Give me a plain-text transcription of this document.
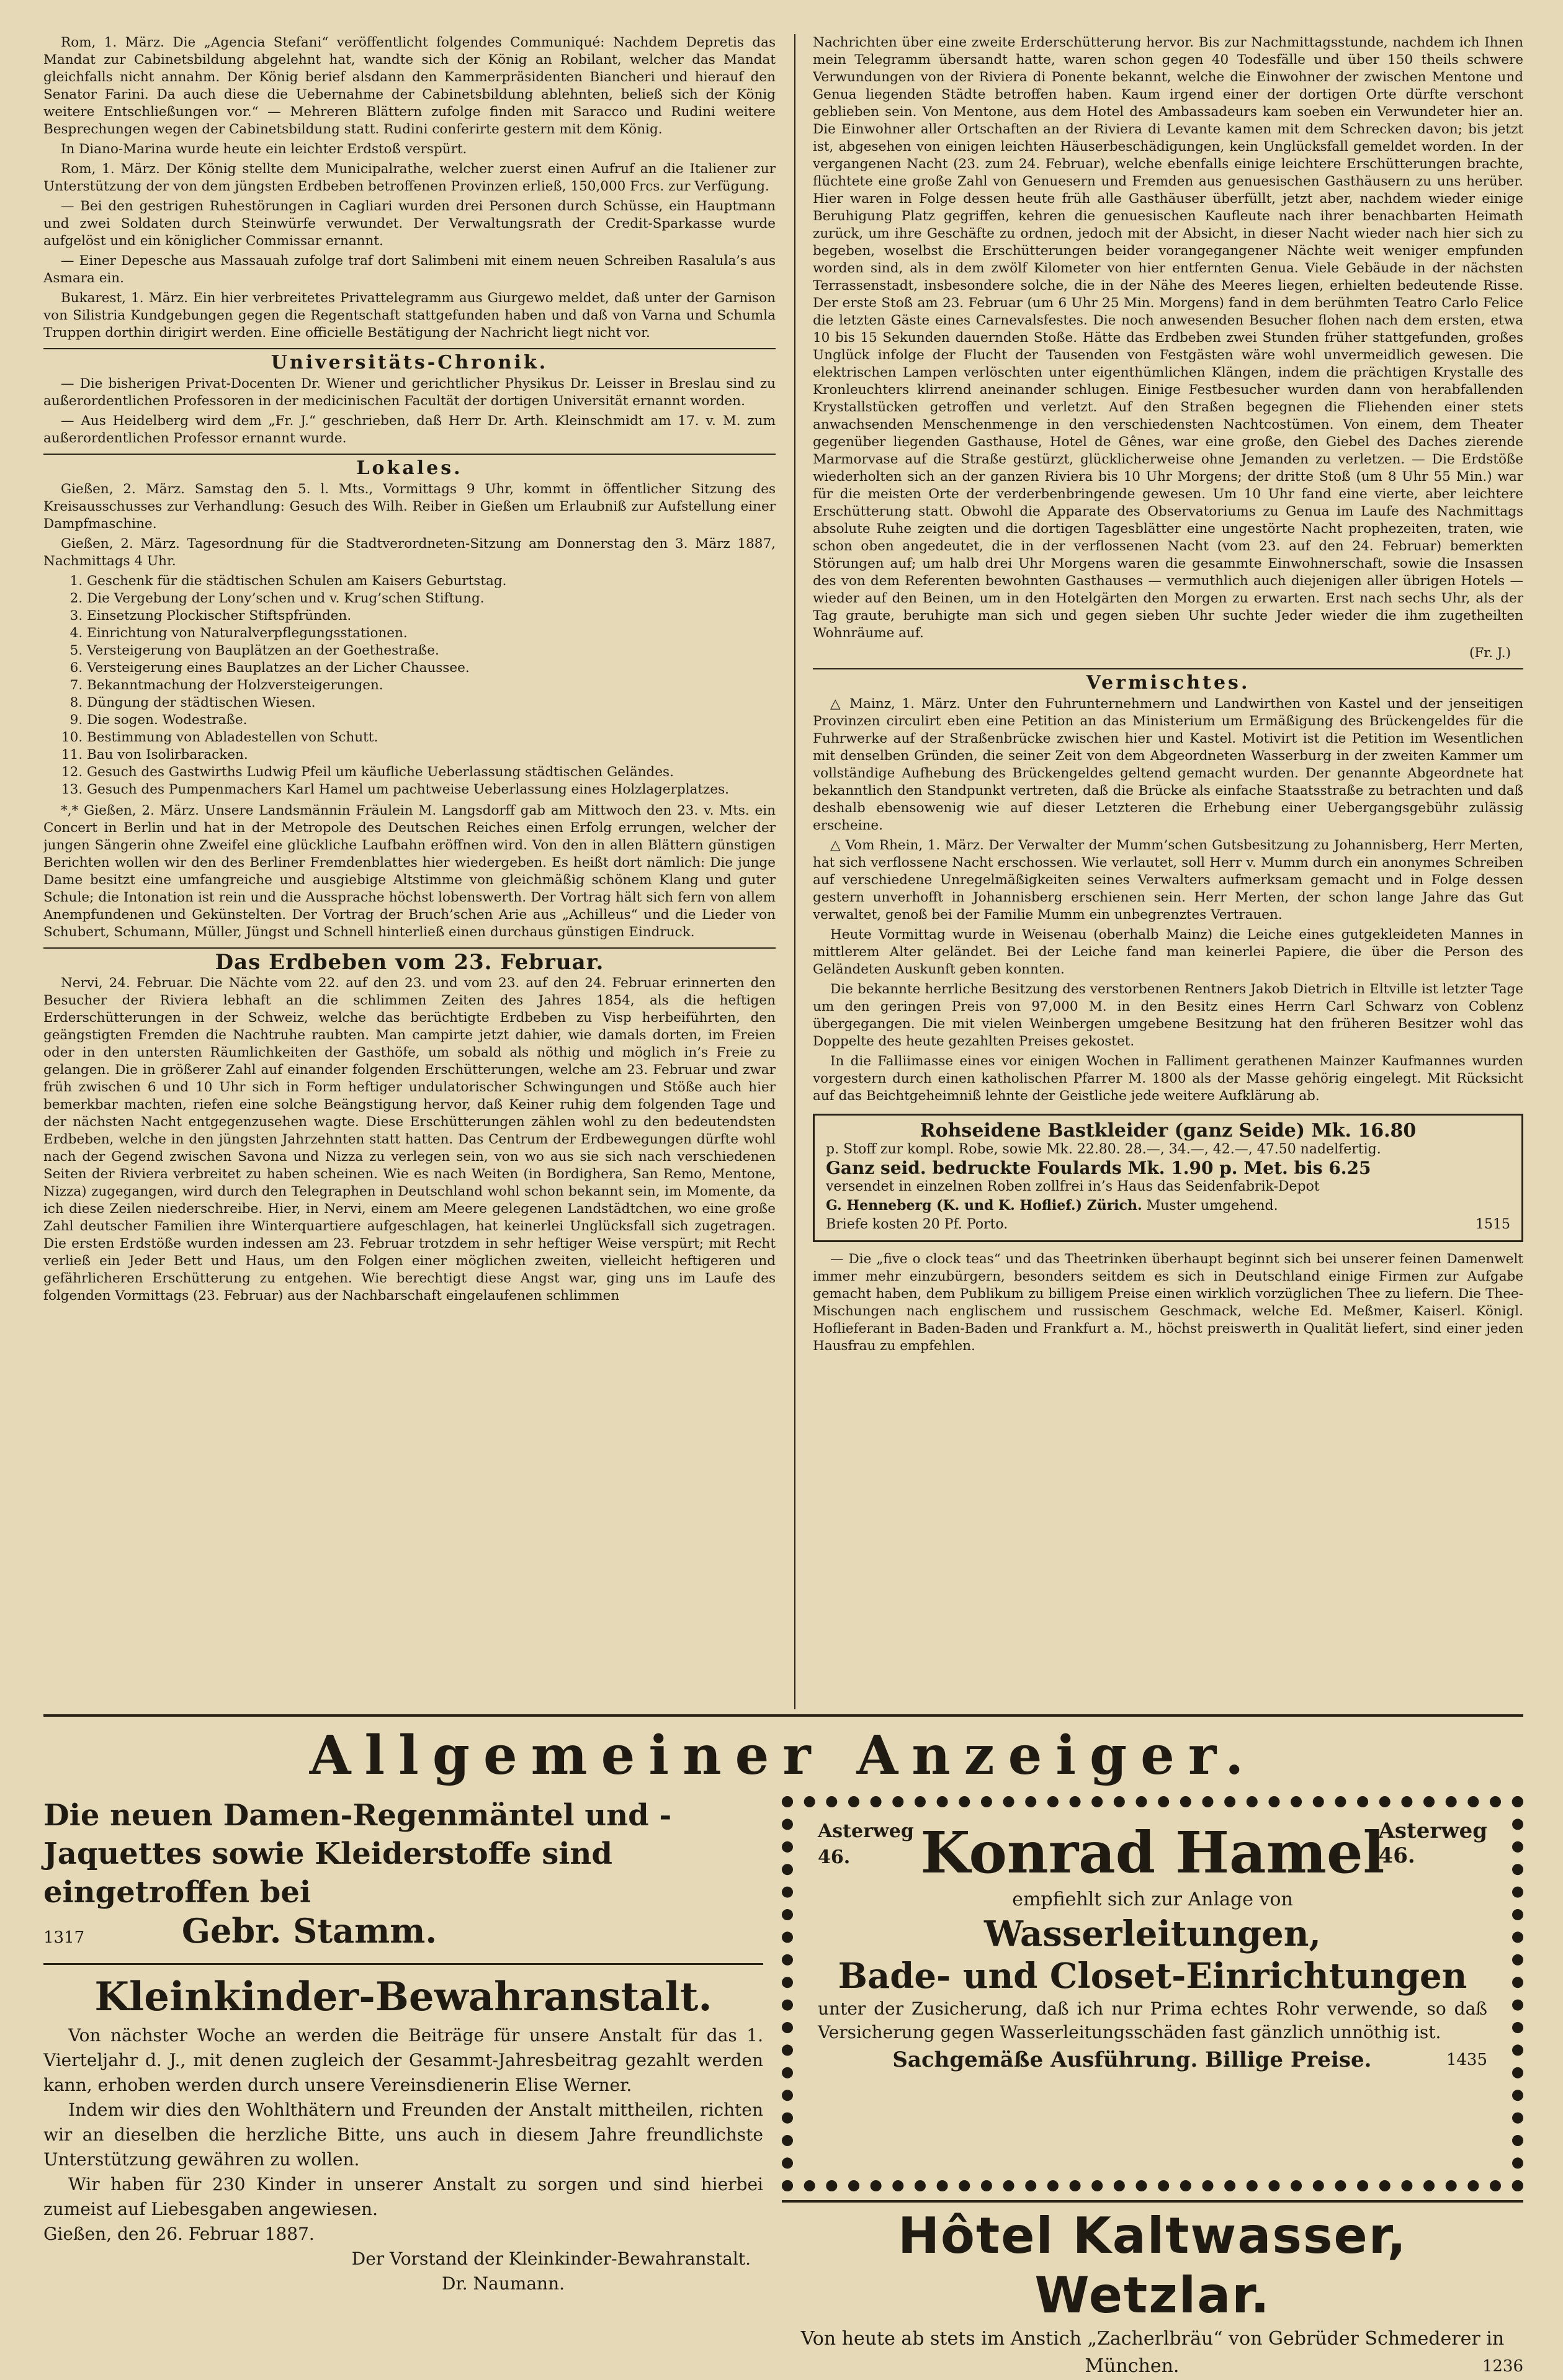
Rom, 1. März. Die „Agencia Stefani“ veröffentlicht folgendes Communiqué: Nachdem Depretis das Mandat zur Cabinetsbildung abgelehnt hat, wandte sich der König an Robilant, welcher das Mandat gleichfalls nicht annahm. Der König berief alsdann den Kammerpräsidenten Biancheri und hierauf den Senator Farini. Da auch diese die Uebernahme der Cabinetsbildung ablehnten, beließ sich der König weitere Entschließungen vor.“ — Mehreren Blättern zufolge finden mit Saracco und Rudini weitere Besprechungen wegen der Cabinetsbildung statt. Rudini conferirte gestern mit dem König.

In Diano-Marina wurde heute ein leichter Erdstoß verspürt.

Rom, 1. März. Der König stellte dem Municipalrathe, welcher zuerst einen Aufruf an die Italiener zur Unterstützung der von dem jüngsten Erdbeben betroffenen Provinzen erließ, 150,000 Frcs. zur Verfügung.

— Bei den gestrigen Ruhestörungen in Cagliari wurden drei Personen durch Schüsse, ein Hauptmann und zwei Soldaten durch Steinwürfe verwundet. Der Verwaltungsrath der Credit-Sparkasse wurde aufgelöst und ein königlicher Commissar ernannt.

— Einer Depesche aus Massauah zufolge traf dort Salimbeni mit einem neuen Schreiben Rasalula’s aus Asmara ein.

Bukarest, 1. März. Ein hier verbreitetes Privattelegramm aus Giurgewo meldet, daß unter der Garnison von Silistria Kundgebungen gegen die Regentschaft stattgefunden haben und daß von Varna und Schumla Truppen dorthin dirigirt werden. Eine officielle Bestätigung der Nachricht liegt nicht vor.

Universitäts-Chronik.

— Die bisherigen Privat-Docenten Dr. Wiener und gerichtlicher Physikus Dr. Leisser in Breslau sind zu außerordentlichen Professoren in der medicinischen Facultät der dortigen Universität ernannt worden.

— Aus Heidelberg wird dem „Fr. J.“ geschrieben, daß Herr Dr. Arth. Kleinschmidt am 17. v. M. zum außerordentlichen Professor ernannt wurde.

Lokales.

Gießen, 2. März. Samstag den 5. l. Mts., Vormittags 9 Uhr, kommt in öffentlicher Sitzung des Kreisausschusses zur Verhandlung: Gesuch des Wilh. Reiber in Gießen um Erlaubniß zur Aufstellung einer Dampfmaschine.

Gießen, 2. März. Tagesordnung für die Stadtverordneten-Sitzung am Donnerstag den 3. März 1887, Nachmittags 4 Uhr.

1. Geschenk für die städtischen Schulen am Kaisers Geburtstag.
2. Die Vergebung der Lony’schen und v. Krug’schen Stiftung.
3. Einsetzung Plockischer Stiftspfründen.
4. Einrichtung von Naturalverpflegungsstationen.
5. Versteigerung von Bauplätzen an der Goethestraße.
6. Versteigerung eines Bauplatzes an der Licher Chaussee.
7. Bekanntmachung der Holzversteigerungen.
8. Düngung der städtischen Wiesen.
9. Die sogen. Wodestraße.
10. Bestimmung von Abladestellen von Schutt.
11. Bau von Isolirbaracken.
12. Gesuch des Gastwirths Ludwig Pfeil um käufliche Ueberlassung städtischen Geländes.
13. Gesuch des Pumpenmachers Karl Hamel um pachtweise Ueberlassung eines Holzlagerplatzes.

*,* Gießen, 2. März. Unsere Landsmännin Fräulein M. Langsdorff gab am Mittwoch den 23. v. Mts. ein Concert in Berlin und hat in der Metropole des Deutschen Reiches einen Erfolg errungen, welcher der jungen Sängerin ohne Zweifel eine glückliche Laufbahn eröffnen wird. Von den in allen Blättern günstigen Berichten wollen wir den des Berliner Fremdenblattes hier wiedergeben. Es heißt dort nämlich: Die junge Dame besitzt eine umfangreiche und ausgiebige Altstimme von gleichmäßig schönem Klang und guter Schule; die Intonation ist rein und die Aussprache höchst lobenswerth. Der Vortrag hält sich fern von allem Anempfundenen und Gekünstelten. Der Vortrag der Bruch’schen Arie aus „Achilleus“ und die Lieder von Schubert, Schumann, Müller, Jüngst und Schnell hinterließ einen durchaus günstigen Eindruck.

Das Erdbeben vom 23. Februar.

Nervi, 24. Februar. Die Nächte vom 22. auf den 23. und vom 23. auf den 24. Februar erinnerten den Besucher der Riviera lebhaft an die schlimmen Zeiten des Jahres 1854, als die heftigen Erderschütterungen in der Schweiz, welche das berüchtigte Erdbeben zu Visp herbeiführten, den geängstigten Fremden die Nachtruhe raubten. Man campirte jetzt dahier, wie damals dorten, im Freien oder in den untersten Räumlichkeiten der Gasthöfe, um sobald als nöthig und möglich in’s Freie zu gelangen. Die in größerer Zahl auf einander folgenden Erschütterungen, welche am 23. Februar und zwar früh zwischen 6 und 10 Uhr sich in Form heftiger undulatorischer Schwingungen und Stöße auch hier bemerkbar machten, riefen eine solche Beängstigung hervor, daß Keiner ruhig dem folgenden Tage und der nächsten Nacht entgegenzusehen wagte. Diese Erschütterungen zählen wohl zu den bedeutendsten Erdbeben, welche in den jüngsten Jahrzehnten statt hatten. Das Centrum der Erdbewegungen dürfte wohl nach der Gegend zwischen Savona und Nizza zu verlegen sein, von wo aus sie sich nach verschiedenen Seiten der Riviera verbreitet zu haben scheinen. Wie es nach Weiten (in Bordighera, San Remo, Mentone, Nizza) zugegangen, wird durch den Telegraphen in Deutschland wohl schon bekannt sein, im Momente, da ich diese Zeilen niederschreibe. Hier, in Nervi, einem am Meere gelegenen Landstädtchen, wo eine große Zahl deutscher Familien ihre Winterquartiere aufgeschlagen, hat keinerlei Unglücksfall sich zugetragen. Die ersten Erdstöße wurden indessen am 23. Februar trotzdem in sehr heftiger Weise verspürt; mit Recht verließ ein Jeder Bett und Haus, um den Folgen einer möglichen zweiten, vielleicht heftigeren und gefährlicheren Erschütterung zu entgehen. Wie berechtigt diese Angst war, ging uns im Laufe des folgenden Vormittags (23. Februar) aus der Nachbarschaft eingelaufenen schlimmen

Nachrichten über eine zweite Erderschütterung hervor. Bis zur Nachmittagsstunde, nachdem ich Ihnen mein Telegramm übersandt hatte, waren schon gegen 40 Todesfälle und über 150 theils schwere Verwundungen von der Riviera di Ponente bekannt, welche die Einwohner der zwischen Mentone und Genua liegenden Städte betroffen haben. Kaum irgend einer der dortigen Orte dürfte verschont geblieben sein. Von Mentone, aus dem Hotel des Ambassadeurs kam soeben ein Verwundeter hier an. Die Einwohner aller Ortschaften an der Riviera di Levante kamen mit dem Schrecken davon; bis jetzt ist, abgesehen von einigen leichten Häuserbeschädigungen, kein Unglücksfall gemeldet worden. In der vergangenen Nacht (23. zum 24. Februar), welche ebenfalls einige leichtere Erschütterungen brachte, flüchtete eine große Zahl von Genuesern und Fremden aus genuesischen Gasthäusern zu uns herüber. Hier waren in Folge dessen heute früh alle Gasthäuser überfüllt, jetzt aber, nachdem wieder einige Beruhigung Platz gegriffen, kehren die genuesischen Kaufleute nach ihrer benachbarten Heimath zurück, um ihre Geschäfte zu ordnen, jedoch mit der Absicht, in dieser Nacht wieder nach hier sich zu begeben, woselbst die Erschütterungen beider vorangegangener Nächte weit weniger empfunden worden sind, als in dem zwölf Kilometer von hier entfernten Genua. Viele Gebäude in der nächsten Terrassenstadt, insbesondere solche, die in der Nähe des Meeres liegen, erhielten bedeutende Risse. Der erste Stoß am 23. Februar (um 6 Uhr 25 Min. Morgens) fand in dem berühmten Teatro Carlo Felice die letzten Gäste eines Carnevalsfestes. Die noch anwesenden Besucher flohen nach dem ersten, etwa 10 bis 15 Sekunden dauernden Stoße. Hätte das Erdbeben zwei Stunden früher stattgefunden, großes Unglück infolge der Flucht der Tausenden von Festgästen wäre wohl unvermeidlich gewesen. Die elektrischen Lampen verlöschten unter eigenthümlichen Klängen, indem die prächtigen Krystalle des Kronleuchters klirrend aneinander schlugen. Einige Festbesucher wurden dann von herabfallenden Krystallstücken getroffen und verletzt. Auf den Straßen begegnen die Fliehenden einer stets anwachsenden Menschenmenge in den verschiedensten Nachtcostümen. Von einem, dem Theater gegenüber liegenden Gasthause, Hotel de Gênes, war eine große, den Giebel des Daches zierende Marmorvase auf die Straße gestürzt, glücklicherweise ohne Jemanden zu verletzen. — Die Erdstöße wiederholten sich an der ganzen Riviera bis 10 Uhr Morgens; der dritte Stoß (um 8 Uhr 55 Min.) war für die meisten Orte der verderbenbringende gewesen. Um 10 Uhr fand eine vierte, aber leichtere Erschütterung statt. Obwohl die Apparate des Observatoriums zu Genua im Laufe des Nachmittags absolute Ruhe zeigten und die dortigen Tagesblätter eine ungestörte Nacht prophezeiten, traten, wie schon oben angedeutet, die in der verflossenen Nacht (vom 23. auf den 24. Februar) bemerkten Störungen auf; um halb drei Uhr Morgens waren die gesammte Einwohnerschaft, sowie die Insassen des von dem Referenten bewohnten Gasthauses — vermuthlich auch diejenigen aller übrigen Hotels — wieder auf den Beinen, um in den Hotelgärten den Morgen zu erwarten. Erst nach sechs Uhr, als der Tag graute, beruhigte man sich und gegen sieben Uhr suchte Jeder wieder die ihm zugetheilten Wohnräume auf.

(Fr. J.)
Vermischtes.

△ Mainz, 1. März. Unter den Fuhrunternehmern und Landwirthen von Kastel und der jenseitigen Provinzen circulirt eben eine Petition an das Ministerium um Ermäßigung des Brückengeldes für die Fuhrwerke auf der Straßenbrücke zwischen hier und Kastel. Motivirt ist die Petition im Wesentlichen mit denselben Gründen, die seiner Zeit von dem Abgeordneten Wasserburg in der zweiten Kammer um vollständige Aufhebung des Brückengeldes geltend gemacht wurden. Der genannte Abgeordnete hat bekanntlich den Standpunkt vertreten, daß die Brücke als einfache Staatsstraße zu betrachten und daß deshalb ebensowenig wie auf dieser Letzteren die Erhebung einer Uebergangsgebühr zulässig erscheine.

△ Vom Rhein, 1. März. Der Verwalter der Mumm’schen Gutsbesitzung zu Johannisberg, Herr Merten, hat sich verflossene Nacht erschossen. Wie verlautet, soll Herr v. Mumm durch ein anonymes Schreiben auf verschiedene Unregelmäßigkeiten seines Verwalters aufmerksam gemacht und in Folge dessen gestern unverhofft in Johannisberg erschienen sein. Herr Merten, der schon lange Jahre das Gut verwaltet, genoß bei der Familie Mumm ein unbegrenztes Vertrauen.

Heute Vormittag wurde in Weisenau (oberhalb Mainz) die Leiche eines gutgekleideten Mannes in mittlerem Alter geländet. Bei der Leiche fand man keinerlei Papiere, die über die Person des Geländeten Auskunft geben konnten.

Die bekannte herrliche Besitzung des verstorbenen Rentners Jakob Dietrich in Eltville ist letzter Tage um den geringen Preis von 97,000 M. in den Besitz eines Herrn Carl Schwarz von Coblenz übergegangen. Die mit vielen Weinbergen umgebene Besitzung hat den früheren Besitzer wohl das Doppelte des heute gezahlten Preises gekostet.

In die Falliimasse eines vor einigen Wochen in Falliment gerathenen Mainzer Kaufmannes wurden vorgestern durch einen katholischen Pfarrer M. 1800 als der Masse gehörig eingelegt. Mit Rücksicht auf das Beichtgeheimniß lehnte der Geistliche jede weitere Aufklärung ab.

Rohseidene Bastkleider (ganz Seide) Mk. 16.80
p. Stoff zur kompl. Robe, sowie Mk. 22.80. 28.—, 34.—, 42.—, 47.50 nadelfertig.
Ganz seid. bedruckte Foulards Mk. 1.90 p. Met. bis 6.25
versendet in einzelnen Roben zollfrei in’s Haus das Seidenfabrik-Depot
G. Henneberg (K. und K. Hoflief.) Zürich. Muster umgehend.
Briefe kosten 20 Pf. Porto.	1515

— Die „five o clock teas“ und das Theetrinken überhaupt beginnt sich bei unserer feinen Damenwelt immer mehr einzubürgern, besonders seitdem es sich in Deutschland einige Firmen zur Aufgabe gemacht haben, dem Publikum zu billigem Preise einen wirklich vorzüglichen Thee zu liefern. Die Thee-Mischungen nach englischem und russischem Geschmack, welche Ed. Meßmer, Kaiserl. Königl. Hoflieferant in Baden-Baden und Frankfurt a. M., höchst preiswerth in Qualität liefert, sind einer jeden Hausfrau zu empfehlen.

Allgemeiner Anzeiger.
Die neuen Damen-Regenmäntel und -Jaquettes sowie Kleiderstoffe sind eingetroffen bei
1317	Gebr. Stamm.
Kleinkinder-Bewahranstalt.

Von nächster Woche an werden die Beiträge für unsere Anstalt für das 1. Vierteljahr d. J., mit denen zugleich der Gesammt-Jahresbeitrag gezahlt werden kann, erhoben werden durch unsere Vereinsdienerin Elise Werner.

Indem wir dies den Wohlthätern und Freunden der Anstalt mittheilen, richten wir an dieselben die herzliche Bitte, uns auch in diesem Jahre freundlichste Unterstützung gewähren zu wollen.

Wir haben für 230 Kinder in unserer Anstalt zu sorgen und sind hierbei zumeist auf Liebesgaben angewiesen.

Gießen, den 26. Februar 1887.

Der Vorstand der Kleinkinder-Bewahranstalt.
Dr. Naumann.
Asterweg
46.
Asterweg
46.
Konrad Hamel
empfiehlt sich zur Anlage von
Wasserleitungen,
Bade- und Closet-Einrichtungen
unter der Zusicherung, daß ich nur Prima echtes Rohr verwende, so daß Versicherung gegen Wasserleitungsschäden fast gänzlich unnöthig ist.
Sachgemäße Ausführung. Billige Preise.	1435
Hôtel Kaltwasser, Wetzlar.
Von heute ab stets im Anstich „Zacherlbräu“ von Gebrüder Schmederer in München.	1236
